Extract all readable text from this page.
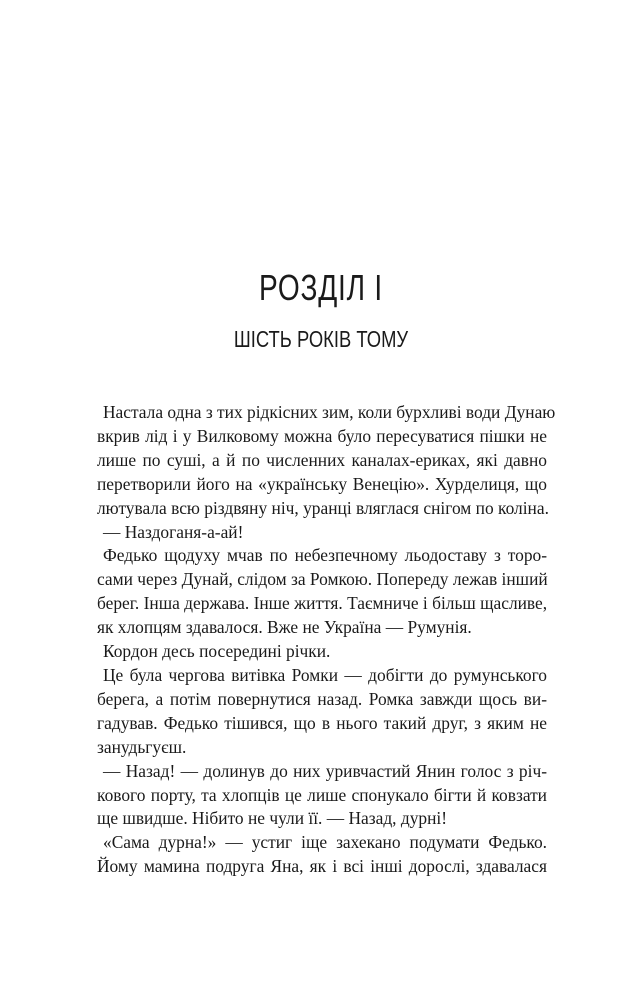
РОЗДІЛ І
ШІСТЬ РОКІВ ТОМУ

Настала одна з тих рідкісних зим, коли бурхливі води Дунаю
вкрив лід і у Вилковому можна було пересуватися пішки не
лише по суші, а й по численних каналах-ериках, які давно
перетворили його на «українську Венецію». Хурделиця, що
лютувала всю різдвяну ніч, уранці вляглася снігом по коліна.

— Наздоганя-а-ай!

Федько щодуху мчав по небезпечному льодоставу з торо-
сами через Дунай, слідом за Ромкою. Попереду лежав інший
берег. Інша держава. Інше життя. Таємниче і більш щасливе,
як хлопцям здавалося. Вже не Україна — Румунія.

Кордон десь посередині річки.

Це була чергова витівка Ромки — добігти до румунського
берега, а потім повернутися назад. Ромка завжди щось ви-
гадував. Федько тішився, що в нього такий друг, з яким не
занудьгуєш.

— Назад! — долинув до них уривчастий Янин голос з річ-
кового порту, та хлопців це лише спонукало бігти й ковзати
ще швидше. Нібито не чули її. — Назад, дурні!

«Сама дурна!» — устиг іще захекано подумати Федько.
Йому мамина подруга Яна, як і всі інші дорослі, здавалася
